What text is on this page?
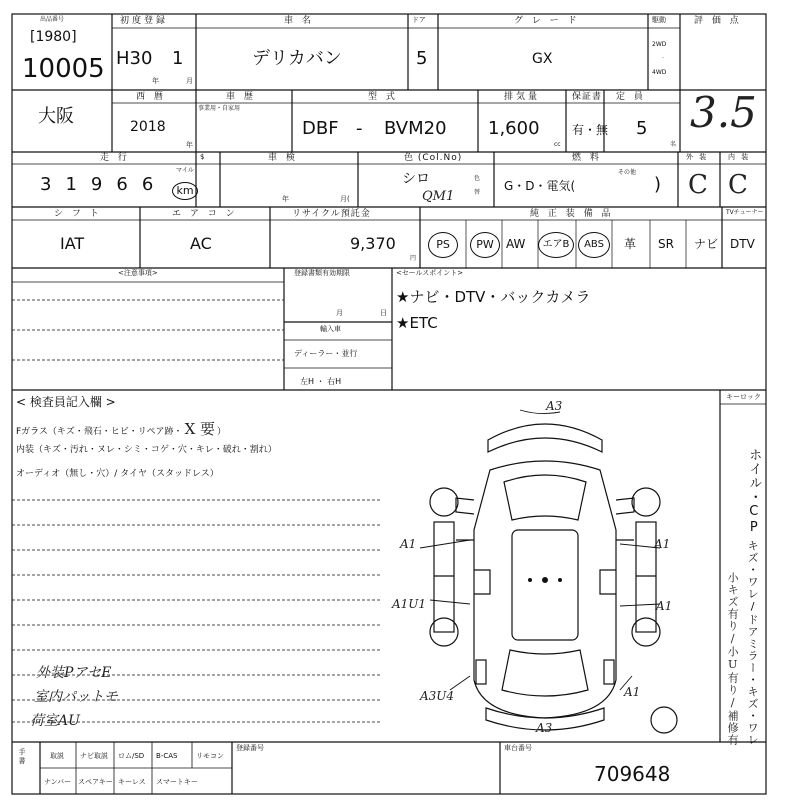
出品番号
[1980]
10005
初度登録
H30 1
年	月
車 名
デリカバン
ドア
5
グ レ ー ド
GX
駆動
2WD
·
4WD
評 価 点
大阪
西 暦
2018
年
車 歴
事業用・自家用
型 式
DBF - BVM20
排気量
1,600
cc
保証書
有・無
定 員
5
名
3.5
走 行
3 1 9 6 6
マイル
km
$	車 検
年	月(
色 (Col.No)
シロ
QM1
色
替
燃 料
G・D・電気(
その他
)
外 装
C
内 装
C
シ フ ト
IAT
エ ア コ ン
AC
リサイクル預託金
9,370
円
純 正 装 備 品	TVチューナー
PS	PW	AW	エアB	ABS	革 SR ナビ DTV
<注意事項>	登録書類有効期限
月	日
輸入車
ディーラー・並行
左H ・ 右H
<セールスポイント>
★ナビ・DTV・バックカメラ
★ETC
< 検査員記入欄 >
Fガラス（キズ・飛石・ヒビ・リペア跡・ X 要 ）
内装（キズ・汚れ・ヌレ・シミ・コゲ・穴・キレ・破れ・割れ）
オーディオ（無し・穴）/ タイヤ（スタッドレス）
外装PアセE
室内パットモ
荷室AU
A3
A1	A1
A1U1	A1
A3U4	A1
A3
キーロック
ホイル・CP
キズ・ワレ/ドアミラー・キズ・ワレ
小キズ有り/小U有り/補修有
手書	取説 ナビ取説 ロム/SD B-CAS	リモコン
ナンバー スペアキー キーレス スマートキー
登録番号	車台番号
709648
